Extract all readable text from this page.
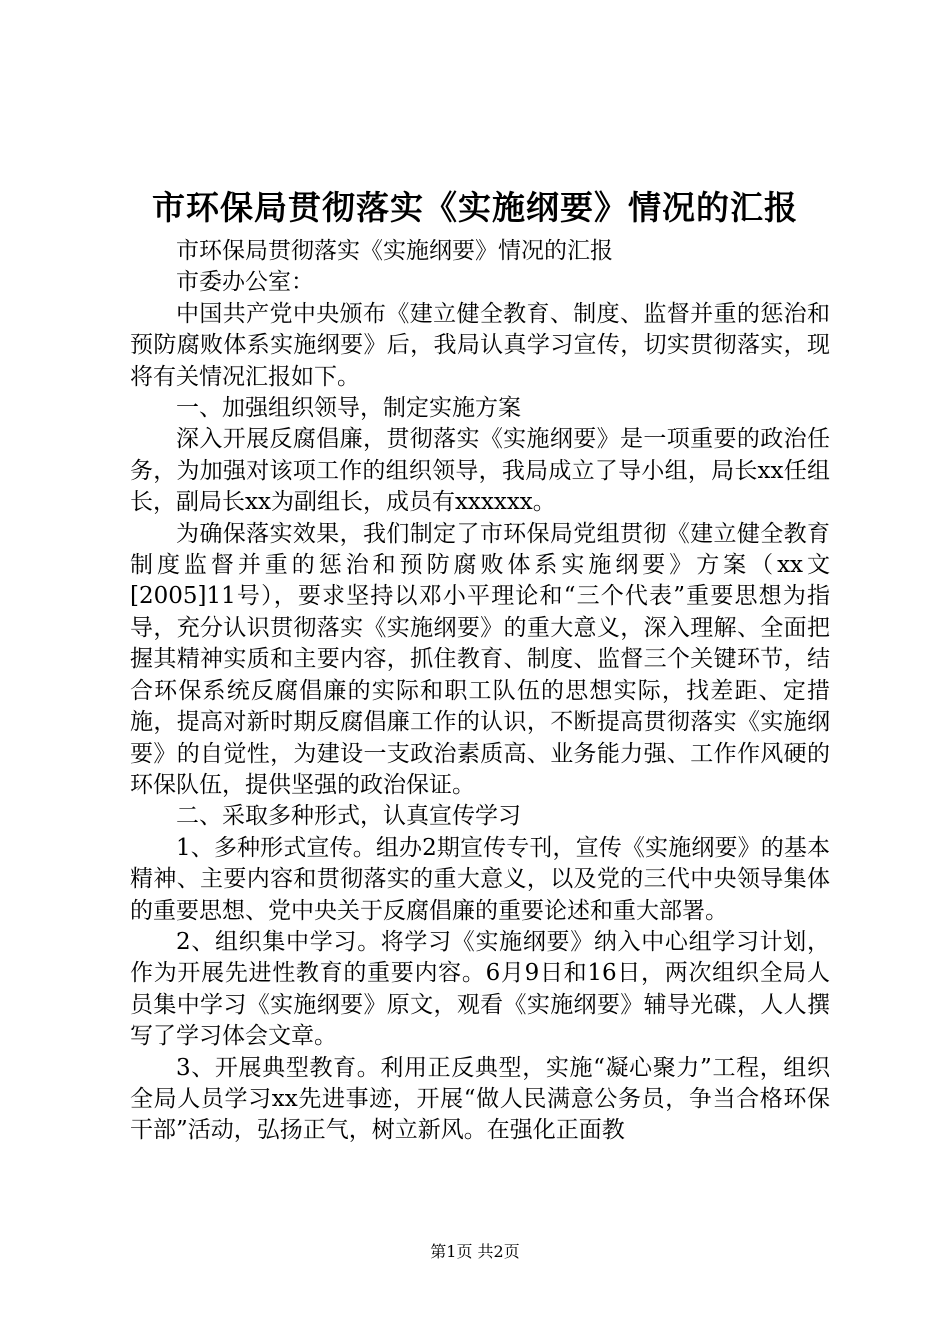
市环保局贯彻落实《实施纲要》情况的汇报

市环保局贯彻落实《实施纲要》情况的汇报

市委办公室：

中国共产党中央颁布《建立健全教育、制度、监督并重的惩治和预防腐败体系实施纲要》后，我局认真学习宣传，切实贯彻落实，现将有关情况汇报如下。

一、加强组织领导，制定实施方案

深入开展反腐倡廉，贯彻落实《实施纲要》是一项重要的政治任务，为加强对该项工作的组织领导，我局成立了导小组，局长xx任组长，副局长xx为副组长，成员有xxxxxx。

为确保落实效果，我们制定了市环保局党组贯彻《建立健全教育制度监督并重的惩治和预防腐败体系实施纲要》方案（xx文[2005]11号），要求坚持以邓小平理论和“三个代表”重要思想为指导，充分认识贯彻落实《实施纲要》的重大意义，深入理解、全面把握其精神实质和主要内容，抓住教育、制度、监督三个关键环节，结合环保系统反腐倡廉的实际和职工队伍的思想实际，找差距、定措施，提高对新时期反腐倡廉工作的认识，不断提高贯彻落实《实施纲要》的自觉性，为建设一支政治素质高、业务能力强、工作作风硬的环保队伍，提供坚强的政治保证。

二、采取多种形式，认真宣传学习

1、多种形式宣传。组办2期宣传专刊，宣传《实施纲要》的基本精神、主要内容和贯彻落实的重大意义，以及党的三代中央领导集体的重要思想、党中央关于反腐倡廉的重要论述和重大部署。

2、组织集中学习。将学习《实施纲要》纳入中心组学习计划，作为开展先进性教育的重要内容。6月9日和16日，两次组织全局人员集中学习《实施纲要》原文，观看《实施纲要》辅导光碟，人人撰写了学习体会文章。

3、开展典型教育。利用正反典型，实施“凝心聚力”工程，组织全局人员学习xx先进事迹，开展“做人民满意公务员，争当合格环保干部”活动，弘扬正气，树立新风。在强化正面教

第1页 共2页
